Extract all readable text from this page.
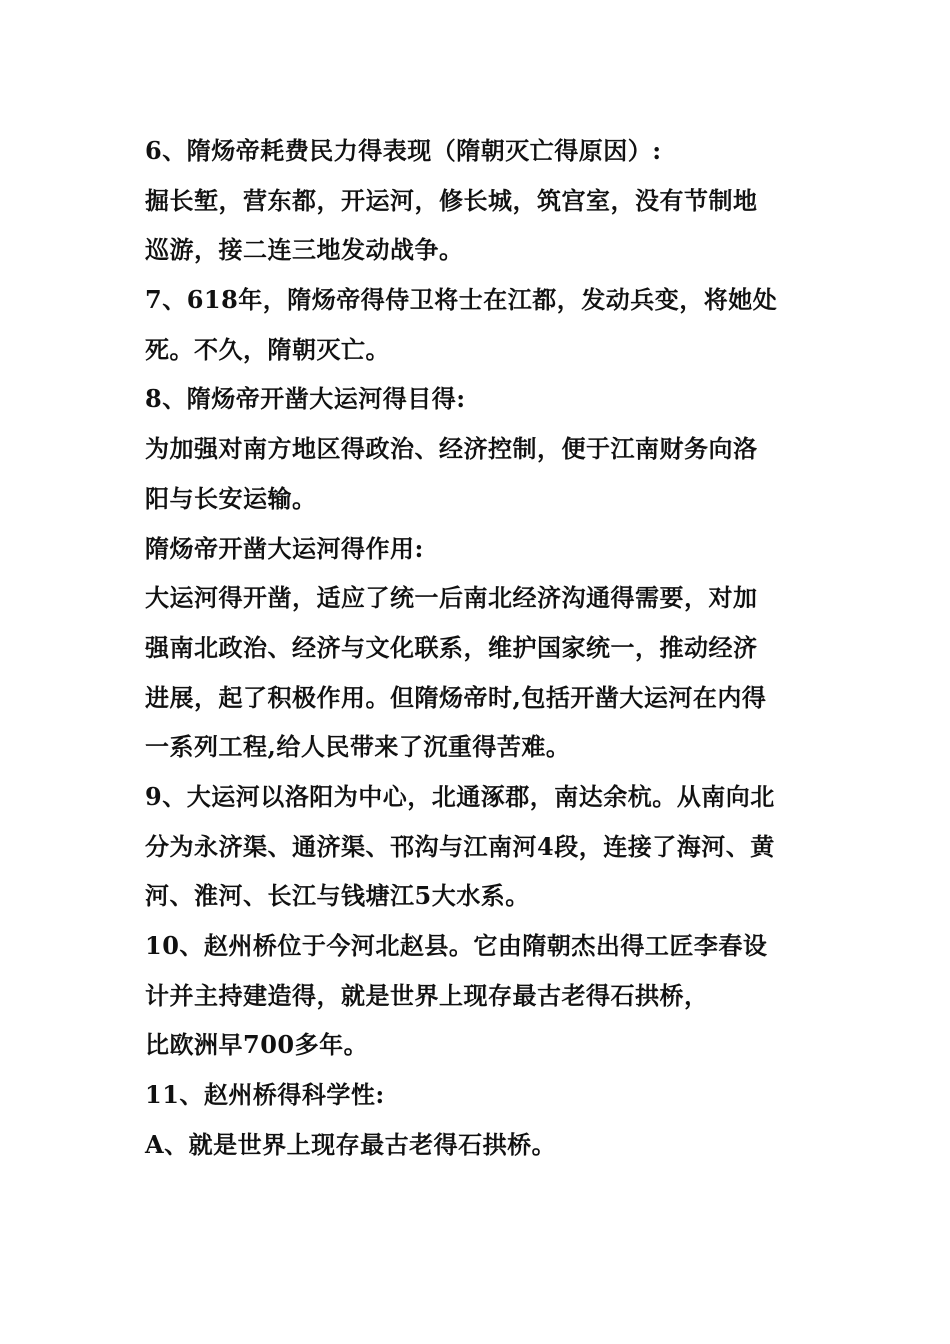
6、隋炀帝耗费民力得表现（隋朝灭亡得原因）:
掘长堑，营东都，开运河，修长城，筑宫室，没有节制地
巡游，接二连三地发动战争。
7、618年，隋炀帝得侍卫将士在江都，发动兵变，将她处
死。不久，隋朝灭亡。
8、隋炀帝开凿大运河得目得:
为加强对南方地区得政治、经济控制，便于江南财务向洛
阳与长安运输。
隋炀帝开凿大运河得作用:
大运河得开凿，适应了统一后南北经济沟通得需要，对加
强南北政治、经济与文化联系，维护国家统一，推动经济
进展，起了积极作用。但隋炀帝时,包括开凿大运河在内得
一系列工程,给人民带来了沉重得苦难。
9、大运河以洛阳为中心，北通涿郡，南达余杭。从南向北
分为永济渠、通济渠、邗沟与江南河4段，连接了海河、黄
河、淮河、长江与钱塘江5大水系。
10、赵州桥位于今河北赵县。它由隋朝杰出得工匠李春设
计并主持建造得，就是世界上现存最古老得石拱桥，
比欧洲早700多年。
11、赵州桥得科学性:
A、就是世界上现存最古老得石拱桥。
